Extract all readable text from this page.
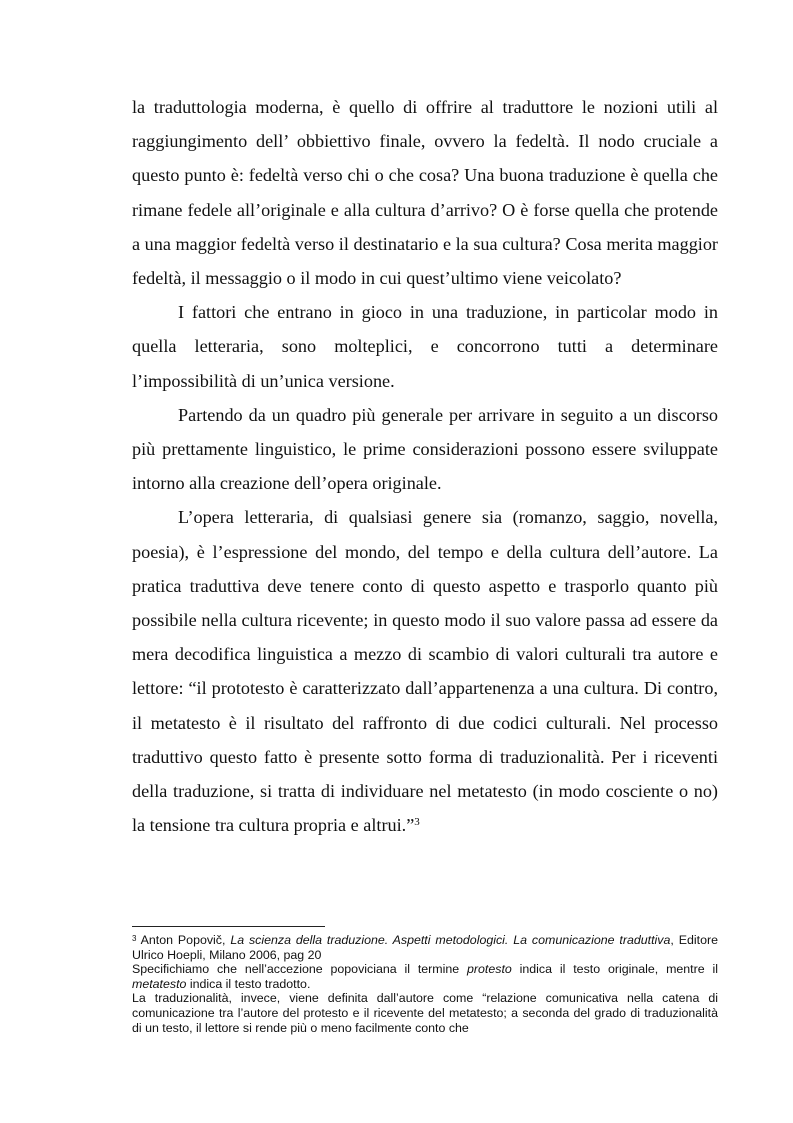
la traduttologia moderna, è quello di offrire al traduttore le nozioni utili al raggiungimento dell’ obbiettivo finale, ovvero la fedeltà. Il nodo cruciale a questo punto è: fedeltà verso chi o che cosa? Una buona traduzione è quella che rimane fedele all’originale e alla cultura d’arrivo? O è forse quella che protende a una maggior fedeltà verso il destinatario e la sua cultura? Cosa merita maggior fedeltà, il messaggio o il modo in cui quest’ultimo viene veicolato?

I fattori che entrano in gioco in una traduzione, in particolar modo in quella letteraria, sono molteplici, e concorrono tutti a determinare l’impossibilità di un’unica versione.

Partendo da un quadro più generale per arrivare in seguito a un discorso più prettamente linguistico, le prime considerazioni possono essere sviluppate intorno alla creazione dell’opera originale.

L’opera letteraria, di qualsiasi genere sia (romanzo, saggio, novella, poesia), è l’espressione del mondo, del tempo e della cultura dell’autore. La pratica traduttiva deve tenere conto di questo aspetto e trasporlo quanto più possibile nella cultura ricevente; in questo modo il suo valore passa ad essere da mera decodifica linguistica a mezzo di scambio di valori culturali tra autore e lettore: “il prototesto è caratterizzato dall’appartenenza a una cultura. Di contro, il metatesto è il risultato del raffronto di due codici culturali. Nel processo traduttivo questo fatto è presente sotto forma di traduzionalità. Per i riceventi della traduzione, si tratta di individuare nel metatesto (in modo cosciente o no) la tensione tra cultura propria e altrui.”$^3$

$^3$ Anton Popovič, La scienza della traduzione. Aspetti metodologici. La comunicazione traduttiva, Editore Ulrico Hoepli, Milano 2006, pag 20

Specifichiamo che nell’accezione popoviciana il termine protesto indica il testo originale, mentre il metatesto indica il testo tradotto.

La traduzionalità, invece, viene definita dall’autore come “relazione comunicativa nella catena di comunicazione tra l’autore del protesto e il ricevente del metatesto; a seconda del grado di traduzionalità di un testo, il lettore si rende più o meno facilmente conto che
